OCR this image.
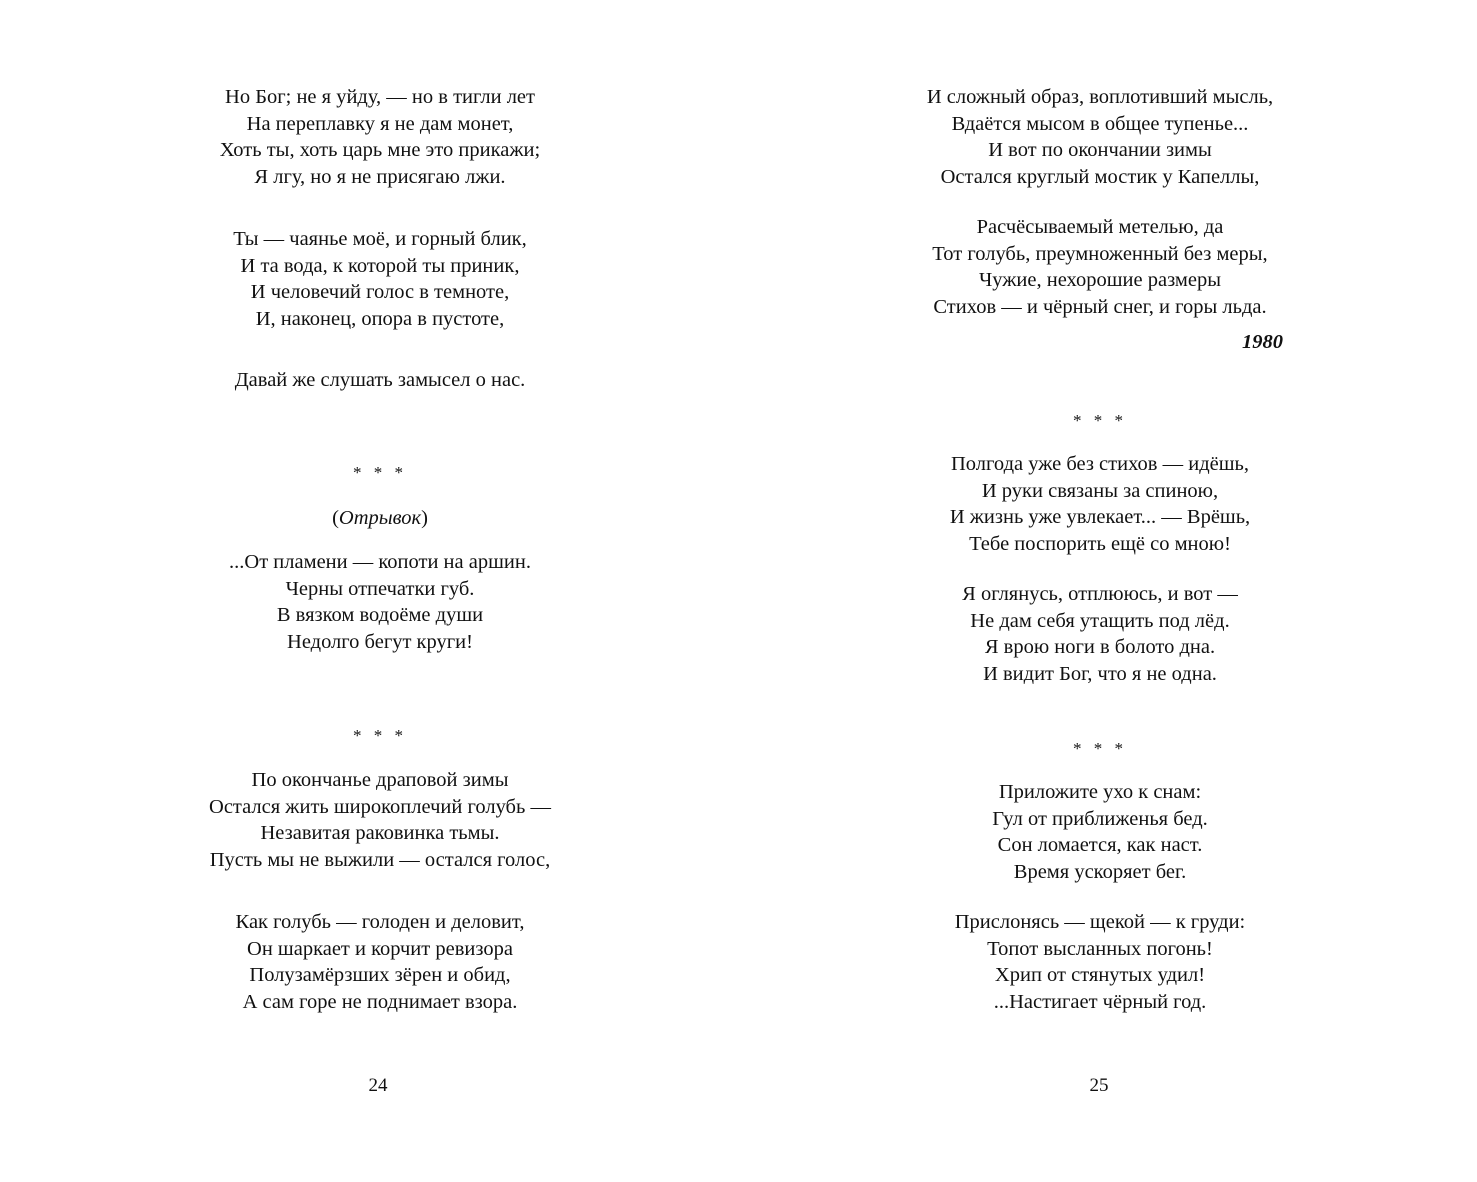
Но Бог; не я уйду, — но в тигли лет
На переплавку я не дам монет,
Хоть ты, хоть царь мне это прикажи;
Я лгу, но я не присягаю лжи.
Ты — чаянье моё, и горный блик,
И та вода, к которой ты приник,
И человечий голос в темноте,
И, наконец, опора в пустоте,
Давай же слушать замысел о нас.
* * *
(Отрывок)
...От пламени — копоти на аршин.
Черны отпечатки губ.
В вязком водоёме души
Недолго бегут круги!
* * *
По окончанье драповой зимы
Остался жить широкоплечий голубь —
Незавитая раковинка тьмы.
Пусть мы не выжили — остался голос,
Как голубь — голоден и деловит,
Он шаркает и корчит ревизора
Полузамёрзших зёрен и обид,
А сам горе не поднимает взора.
24
И сложный образ, воплотивший мысль,
Вдаётся мысом в общее тупенье...
И вот по окончании зимы
Остался круглый мостик у Капеллы,
Расчёсываемый метелью, да
Тот голубь, преумноженный без меры,
Чужие, нехорошие размеры
Стихов — и чёрный снег, и горы льда.
1980
* * *
Полгода уже без стихов — идёшь,
И руки связаны за спиною,
И жизнь уже увлекает... — Врёшь,
Тебе поспорить ещё со мною!
Я оглянусь, отплююсь, и вот —
Не дам себя утащить под лёд.
Я врою ноги в болото дна.
И видит Бог, что я не одна.
* * *
Приложите ухо к снам:
Гул от приближенья бед.
Сон ломается, как наст.
Время ускоряет бег.
Прислонясь — щекой — к груди:
Топот высланных погонь!
Хрип от стянутых удил!
...Настигает чёрный год.
25
